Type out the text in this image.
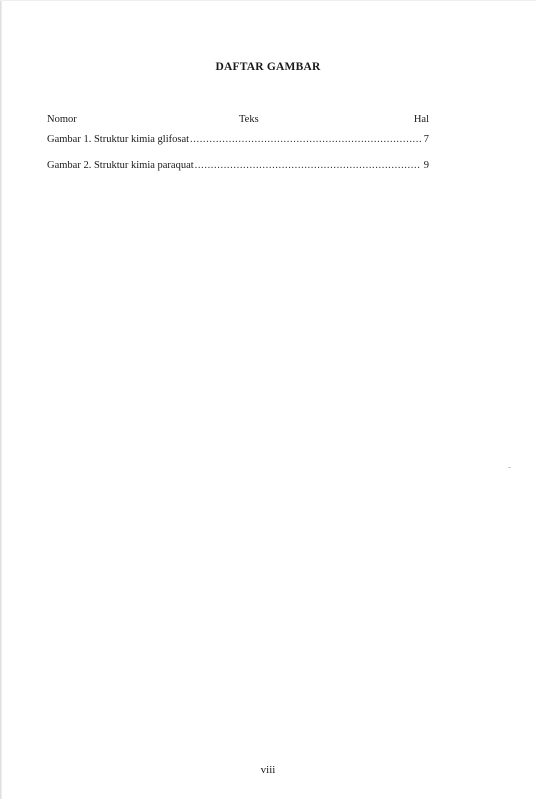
DAFTAR GAMBAR
Nomor	Teks	Hal
Gambar 1. Struktur kimia glifosat .....	7
Gambar 2. Struktur kimia paraquat .....	9
viii
